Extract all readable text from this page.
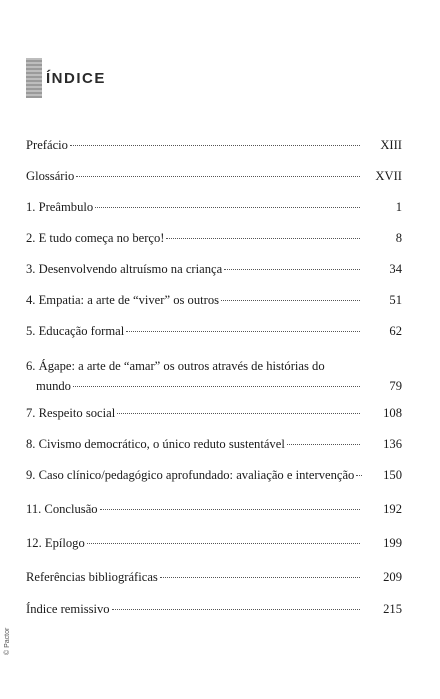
ÍNDICE
Prefácio	XIII
Glossário	XVII
1. Preâmbulo	1
2. E tudo começa no berço!	8
3. Desenvolvendo altruísmo na criança	34
4. Empatia: a arte de “viver” os outros	51
5. Educação formal	62
6. Ágape: a arte de “amar” os outros através de histórias do
mundo	79
7. Respeito social	108
8. Civismo democrático, o único reduto sustentável	136
9. Caso clínico/pedagógico aprofundado: avaliação e intervenção	150
11. Conclusão	192
12. Epílogo	199
Referências bibliográficas	209
Índice remissivo	215
© Pactor
